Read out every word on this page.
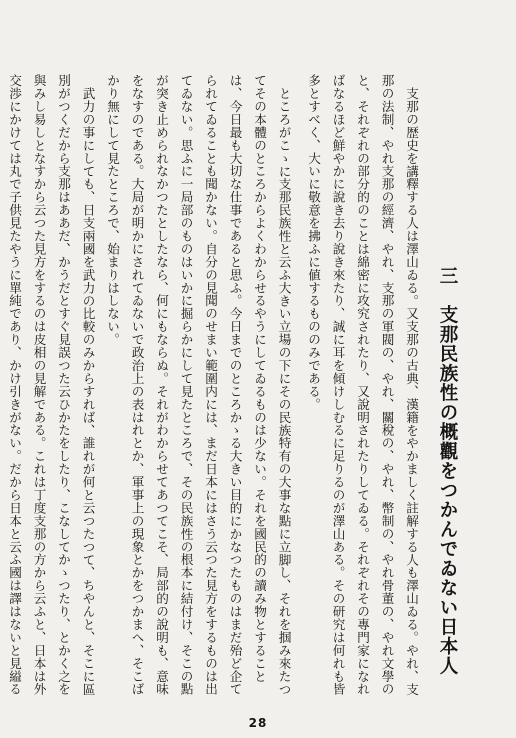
三　支那民族性の概觀をつかんでゐない日本人

支那の歴史を講釋する人は澤山ゐる。又支那の古典、漢籍をやかましく註解する人も澤山ゐる。やれ、支那の法制、やれ支那の經濟、やれ、支那の軍閥の、やれ、關稅の、やれ、幣制の、やれ骨董の、やれ文學のと、それぞれの部分的のことは綿密に攻究されたり、又說明されたりしてゐる。それぞれその專門家になればなるほど鮮やかに說き去り說き來たり、誠に耳を傾けしむるに足りるのが澤山ある。その研究は何れも皆多とすべく、大いに敬意を拂ふに値するもののみである。

ところがこゝに支那民族性と云ふ大きい立場の下にその民族特有の大事な點に立脚し、それを掴み來たつてその本體のところからよくわからせるやうにしてゐるものは少ない。それを國民的の讀み物とすることは、今日最も大切な仕事であると思ふ。今日までのところかゝる大きい目的にかなつたものはまだ殆ど企てられてゐることも聞かない。自分の見聞のせまい範圍内には、まだ日本にはさう云つた見方をするものは出てゐない。思ふに一局部のものはいかに掘らかにして見たところで、その民族性の根本に結付け、そこの點が突き止められなかつたとしたなら、何にもならぬ。それがわからせてあつてこそ、局部的の說明も、意味をなすのである。大局が明かにされてゐないで政治上の表はれとか、軍事上の現象とかをつかまへ、そこばかり無にして見たところで、始まりはしない。

武力の事にしても、日支兩國を武力の比較のみからすれば、誰れが何と云つたつて、ちやんと、そこに區別がつくだから支那はああだ、かうだとすぐ見誤つた云ひかたをしたり、こなしてかゝつたり、とかく之を與みし易しとなすから云つた見方をするのは皮相の見解である。これは丁度支那の方から云ふと、日本は外交渉にかけては丸で子供見たやうに單純であり、かけ引きがない。だから日本と云ふ國は譯はないと見縊る

28
